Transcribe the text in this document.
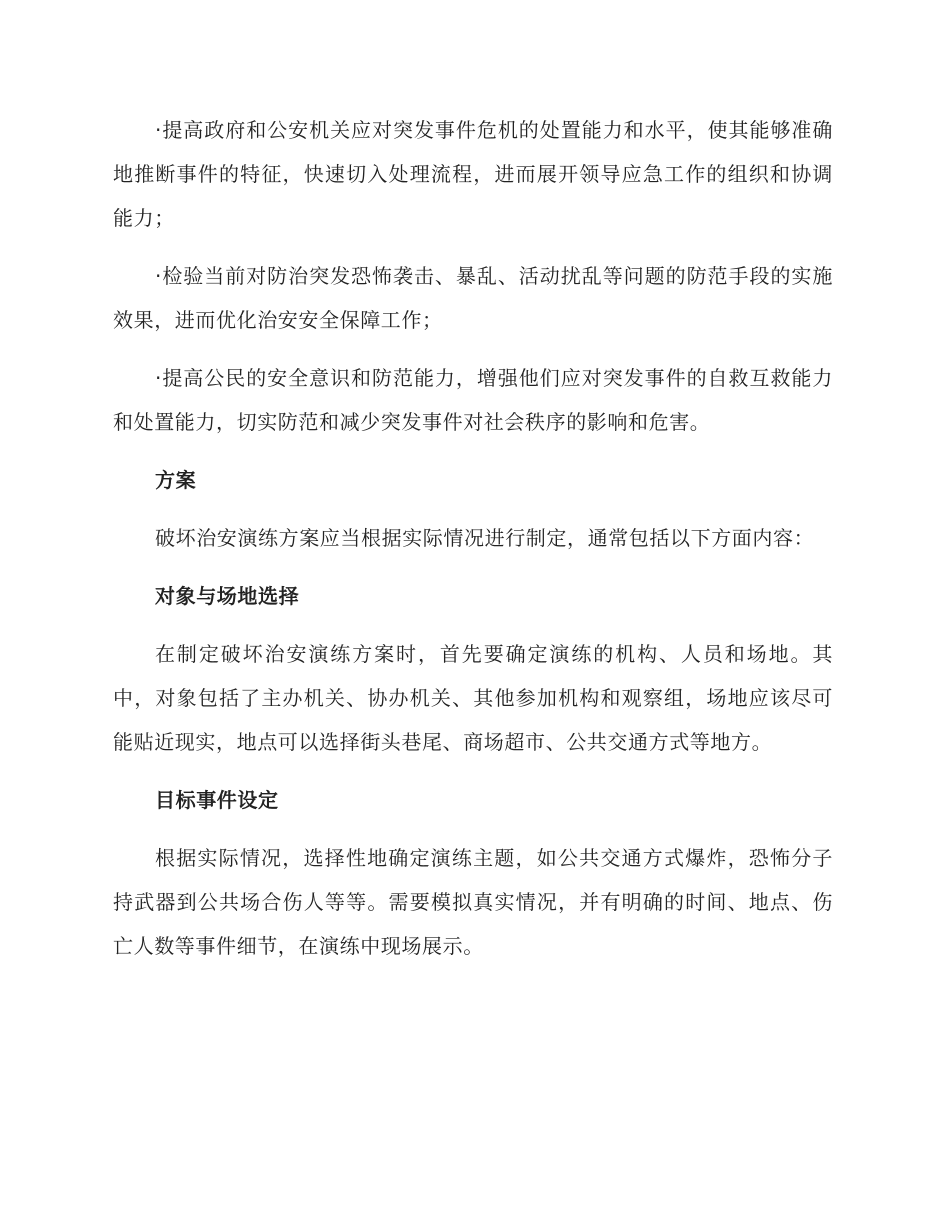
·提高政府和公安机关应对突发事件危机的处置能力和水平，使其能够准确地推断事件的特征，快速切入处理流程，进而展开领导应急工作的组织和协调能力；

·检验当前对防治突发恐怖袭击、暴乱、活动扰乱等问题的防范手段的实施效果，进而优化治安安全保障工作；

·提高公民的安全意识和防范能力，增强他们应对突发事件的自救互救能力和处置能力，切实防范和减少突发事件对社会秩序的影响和危害。

方案

破坏治安演练方案应当根据实际情况进行制定，通常包括以下方面内容：

对象与场地选择

在制定破坏治安演练方案时，首先要确定演练的机构、人员和场地。其中，对象包括了主办机关、协办机关、其他参加机构和观察组，场地应该尽可能贴近现实，地点可以选择街头巷尾、商场超市、公共交通方式等地方。

目标事件设定

根据实际情况，选择性地确定演练主题，如公共交通方式爆炸，恐怖分子持武器到公共场合伤人等等。需要模拟真实情况，并有明确的时间、地点、伤亡人数等事件细节，在演练中现场展示。
